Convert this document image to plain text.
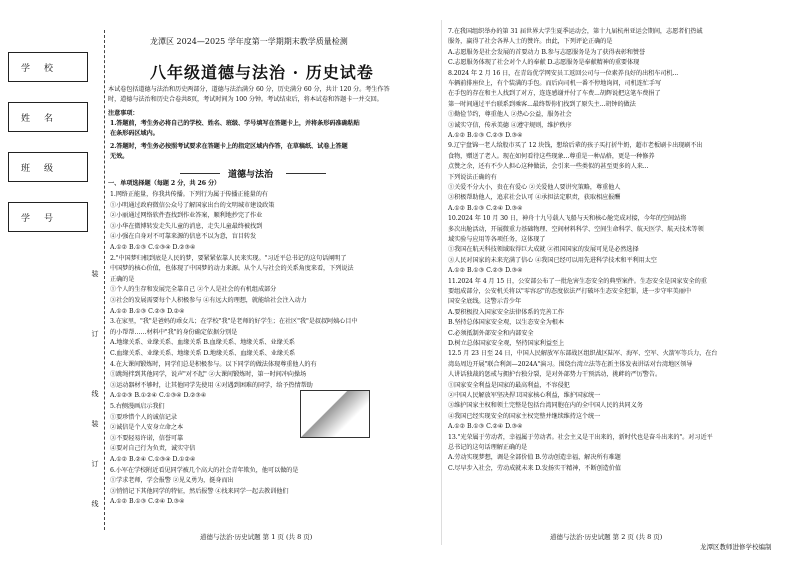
学校
姓名
班级
学号
装
订
线
装
订
线
龙潭区 2024—2025 学年度第一学期期末教学质量检测
八年级道德与法治 · 历史试卷
本试卷包括道德与法治和历史两部分，道德与法治满分 60 分，历史满分 60 分，共计 120 分。考生作答
时，道德与法治和历史合卷共8页，考试时间为 100 分钟。考试结束后，将本试卷和答题卡一并交回。
注意事项：
1.答题前，考生务必将自己的学校、姓名、班级、学号填写在答题卡上，并将条形码准确粘贴
在条形码区域内。
2.答题时，考生务必按照考试要求在答题卡上的指定区域内作答，在草稿纸、试卷上答题
无效。
道德与法治
一、单项选择题（每题 2 分，共 26 分）
1.网络正能量，你我共传播。下列行为属于传播正能量的有
①小明通过政府微信公众号了解国家出台的文明城市建设政策
②小丽通过网络软件查找到作业答案，顺利地抄完了作业
③小华在微博转发走失儿童的消息，走失儿童最终被找到
④小强在自身对不可靠来源的信息不以为意，盲目转发
A.①② B.①③ C.①③④ D.②③④
2."中国梦归根到底是人民的梦，要紧紧依靠人民来实现。"习近平总书记的这句话阐明了
中国梦的核心价值，也体现了中国梦的动力来源。从个人与社会的关系角度来看，下列说法
正确的是
①个人的生存和发展完全靠自己 ②个人是社会的有机组成部分
③社会的发展需要每个人积极参与 ④有远大的理想，就能给社会注入动力
A.①② B.①③ C.②③ D.②④
3.在家里，"我"是爸妈的乖女儿；在学校"我"是老师的好学生；在社区"我"是叔叔阿姨心目中
的小帮帮……材料中"我"的身份确定依据分别是
A.地缘关系、业缘关系、血缘关系 B.血缘关系、地缘关系、业缘关系
C.血缘关系、业缘关系、地缘关系 D.地缘关系、血缘关系、业缘关系
4.在大课间锻炼时，同学们总是积极参与。以下同学的做法体现尊重他人的有
①跳绳拌到其他同学，说声"对不起" ②大课间锻炼时，第一时间冲向操场
③运动器材不够时，让其他同学先使用 ④对遇到困难的同学，给予热情帮助
A.①②③ B.①②④ C.①③④ D.②③④
5.右侧漫画启示我们
①要珍惜个人的诚信记录
②诚信是个人安身立命之本
③不要轻易许诺，信誉可靠
④要对自己行为负责，诚实守信
A.①② B.②④ C.①③④ D.①②④
6.小军在学校附近看见同学被几个高大的社会青年欺负，他可以做的是
①学求老师，学会报警 ②见义勇为，挺身而出
③悄悄记下其他同学的特征，然后报警 ④找来同学一起去教训他们
A.①② B.①③ C.②④ D.③④
道德与法治·历史试题 第 1 页 (共 8 页)
7.在我国组织举办的第 31 届世界大学生夏季运动会，第十九届杭州亚运会期间，志愿者们热诚
服务，赢得了社会各界人士的赞许。由此，下列评论正确的是
A.志愿服务是社会发展的首要动力 B.参与志愿服务是为了获得表彰和赞誉
C.志愿服务体现了社会对个人的奉献 D.志愿服务是奉献精神的重要体现
8.2024 年 2 月 16 日，在青岛优学网安员工返回公司与一位素养良好的出租车司机...
车辆前排座位上，有个装满的手包。而后向司机一番不停地询问，司机连忙手写
在手包的存在和主人找到了对方，连连感谢并付了车费...胡辉说把这笔车费捐了
第一时间通过平台联系到乘客...最终帮你们找到了原失主...胡钟的做法
①勤俭节约，尊重他人 ②热心公益，服务社会
③诚实守信，传承美德 ④遵守规则，维护秩序
A.①② B.①③ C.②③ D.③④
9.辽宁盘锦一老人给股市买了 12 块钱，想给后辈的孩子买打折牛奶，超市老板刷卡出现刷不出
食物，赠送了老人。现在如何看待这些现象...尊重是一种品格，更是一种修养
点赞之余，还有不少人担心这种做法，会引来一些类似的甚至更多的人来...
下列说法正确的有
①关爱不分大小，贵在有爱心 ②关爱他人要讲究策略，尊重他人
③积极帮助他人，追求社会认可 ④承担法定职责，获取相应报酬
A.①② B.①③ C.②④ D.③④
10.2024 年 10 月 30 日，神舟十九号载人飞船与天和核心舱完成对接，今年的空间站将
多次出舱活动，开展微重力基础物理、空间材料科学、空间生命科学、航天医学、航天技术等领
域实验与应用等各项任务，这体现了
①我国在航天科技领域取得巨大成就 ②祖国国家的发展可见是必然选择
③人民对国家的未来充满了信心 ④我国已经可以用先进科学技术和平利用太空
A.①② B.①③ C.②③ D.③④
11.2024 年 4 月 15 日，公安部公布了一批危害生态安全的典型案件。生态安全是国家安全的重
要组成部分，公安机关将以"零容忍"的态度依法严打破坏生态安全犯罪，进一步守牢美丽中
国安全底线。这警示青少年
A.要积极投入国家安全法律体系的完善工作
B.坚持总体国家安全观，以生态安全为根本
C.必须抵制外部安全和内部安全
D.树立总体国家安全观，坚持国家利益至上
12.5 月 23 日至 24 日，中国人民解放军东部战区组织战区陆军、海军、空军、火箭军等兵力，在台
湾岛周边开展"联合利剑—2024A"演习。围绕台湾立法等在新主体发表讲话对台湾地区领导
人讲话独裁的惩戒与拥护台独分裂，是对外部势力干预活动，挑衅的严厉警告。
①国家安全利益是国家的最高利益，不容侵犯
②中国人民解放军坚决捍卫国家核心利益，维护国家统一
③维护国家主权和领土完整是包括台湾同胞在内的全中国人民的共同义务
④我国已经实现安全的国家主权完整并继续维持这个统一
A.①② B.①③ C.②④ D.③④
13."光荣属于劳动者，幸福属于劳动者。社会主义是干出来的，新时代也是奋斗出来的"。对习近平
总书记的这句话理解正确的是
A.劳动实现梦想，调是全部价值 B.劳动创造幸福，解决所有难题
C.尽早步入社会，劳动成就未来 D.发扬实干精神，不断创造价值
道德与法治·历史试题 第 2 页 (共 8 页)
龙潭区教师进修学校编制
